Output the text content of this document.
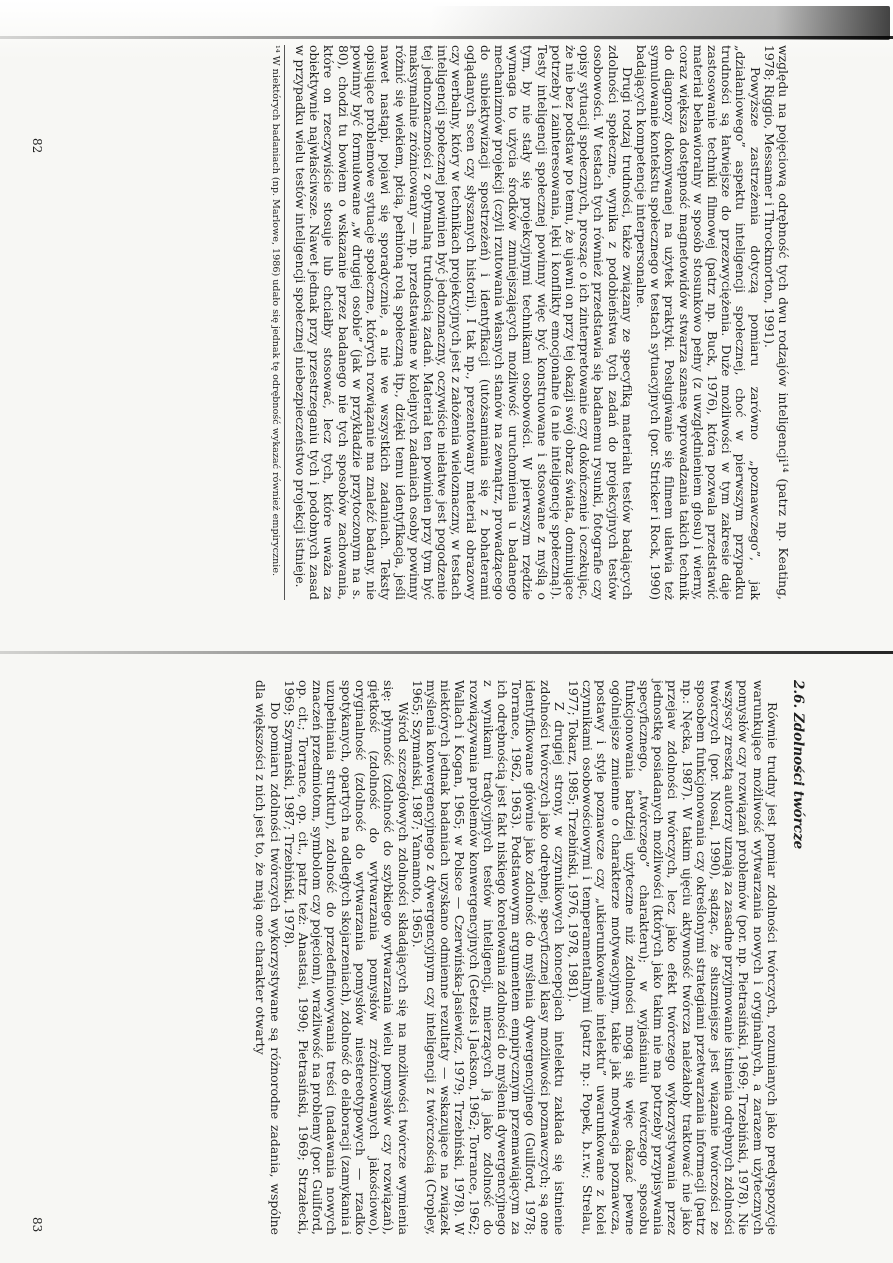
względu na pojęciową odrębność tych dwu rodzajów inteligencji¹⁴ (patrz np. Keating, 1978; Riggio, Messamer i Throckmorton, 1991).

Powyższe zastrzeżenia dotyczą pomiaru zarówno „poznawczego”, jak „działaniowego” aspektu inteligencji społecznej, choć w pierwszym przypadku trudności są łatwiejsze do przezwyciężenia. Duże możliwości w tym zakresie daje zastosowanie techniki filmowej (patrz np. Buck, 1976), która pozwala przedstawić materiał behawioralny w sposób stosunkowo pełny (z uwzględnieniem głosu) i wierny, coraz większa dostępność magnetowidów stwarza szansę wprowadzania takich technik do diagnozy dokonywanej na użytek praktyki. Posługiwanie się filmem ułatwia też symulowanie kontekstu społecznego w testach sytuacyjnych (por. Stricker i Rock, 1990) badających kompetencje interpersonalne.

Drugi rodzaj trudności, także związany ze specyfiką materiału testów badających zdolności społeczne, wynika z podobieństwa tych zadań do projekcyjnych testów osobowości. W testach tych również przedstawia się badanemu rysunki, fotografie czy opisy sytuacji społecznych, prosząc o ich zinterpretowanie czy dokończenie i oczekując, że nie bez podstaw po temu, że ujawni on przy tej okazji swój obraz świata, dominujące potrzeby i zainteresowania, lęki i konflikty emocjonalne (a nie inteligencję społeczną!). Testy inteligencji społecznej powinny więc być konstruowane i stosowane z myślą o tym, by nie stały się projekcyjnymi technikami osobowości. W pierwszym rzędzie wymaga to użycia środków zmniejszających możliwość uruchomienia u badanego mechanizmów projekcji (czyli rzutowania własnych stanów na zewnątrz, prowadzącego do subiektywizacji spostrzeżeń) i identyfikacji (utożsamiania się z bohaterami oglądanych scen czy słyszanych historii). I tak np., prezentowany materiał obrazowy czy werbalny, który w technikach projekcyjnych jest z założenia wieloznaczny, w testach inteligencji społecznej powinien być jednoznaczny, oczywiście niełatwe jest pogodzenie tej jednoznaczności z optymalną trudnością zadań. Materiał ten powinien przy tym być maksymalnie zróżnicowany — np. przedstawiane w kolejnych zadaniach osoby powinny różnić się wiekiem, płcią, pełnioną rolą społeczną itp., dzięki temu identyfikacja, jeśli nawet nastąpi, pojawi się sporadycznie, a nie we wszystkich zadaniach. Teksty opisujące problemowe sytuacje społeczne, których rozwiązanie ma znaleźć badany, nie powinny być formułowane „w drugiej osobie” (jak w przykładzie przytoczonym na s. 80), chodzi tu bowiem o wskazanie przez badanego nie tych sposobów zachowania, które on rzeczywiście stosuje lub chciałby stosować, lecz tych, które uważa za obiektywnie najwłaściwsze. Nawet jednak przy przestrzeganiu tych i podobnych zasad w przypadku wielu testów inteligencji społecznej niebezpieczeństwo projekcji istnieje.

¹⁴ W niektórych badaniach (np. Marlowe, 1986) udało się jednak tę odrębność wykazać również empirycznie.
82
2.6. Zdolności twórcze

Równie trudny jest pomiar zdolności twórczych, rozumianych jako predyspozycje warunkujące możliwość wytwarzania nowych i oryginalnych, a zarazem użytecznych pomysłów czy rozwiązań problemów (por. np. Pietrasiński, 1969; Trzebiński, 1978). Nie wszyscy zresztą autorzy uznają za zasadne przyjmowanie istnienia odrębnych zdolności twórczych (por. Nosal, 1990), sądząc, że słuszniejsze jest wiązanie twórczości ze sposobem funkcjonowania czy określonymi strategiami przetwarzania informacji (patrz np.: Nęcka, 1987). W takim ujęciu aktywność twórcza należałoby traktować nie jako przejaw zdolności twórczych, lecz jako efekt twórczego wykorzystywania przez jednostkę posiadanych możliwości (których jako takim nie ma potrzeby przypisywania specyficznego, „twórczego” charakteru); w wyjaśnianiu twórczego sposobu funkcjonowania bardziej użyteczne niż zdolności mogą się więc okazać pewne ogólniejsze zmienne o charakterze motywacyjnym, takie jak motywacja poznawcza, postawy i style poznawcze czy „ukierunkowanie intelektu” uwarunkowane z kolei czynnikami osobowościowymi i temperamentalnymi (patrz np.: Popek, b.r.w.; Strelau, 1977; Tokarz, 1985; Trzebiński, 1976, 1978, 1981).

Z drugiej strony, w czynnikowych koncepcjach intelektu zakłada się istnienie zdolności twórczych jako odrębnej, specyficznej klasy możliwości poznawczych; są one identyfikowane głównie jako zdolność do myślenia dywergencyjnego (Guilford, 1978; Torrance, 1962, 1963). Podstawowym argumentem empirycznym przemawiającym za ich odrębnością jest fakt niskiego korelowania zdolności do myślenia dywergencyjnego z wynikami tradycyjnych testów inteligencji, mierzących ją jako zdolność do rozwiązywania problemów konwergencyjnych (Getzels i Jackson, 1962; Torrance, 1962; Wallach i Kogan, 1965; w Polsce — Czerwińska-Jasiewicz, 1979; Trzebiński, 1978). W niektórych jednak badaniach uzyskano odmienne rezultaty — wskazujące na związek myślenia konwergencyjnego z dywergencyjnym czy inteligencji z twórczością (Cropley, 1965; Szymański, 1987; Yamamoto, 1965).

Wśród szczegółowych zdolności składających się na możliwości twórcze wymienia się: płynność (zdolność do szybkiego wytwarzania wielu pomysłów czy rozwiązań), giętkość (zdolność do wytwarzania pomysłów zróżnicowanych jakościowo), oryginalność (zdolność do wytwarzania pomysłów niestereotypowych — rzadko spotykanych, opartych na odległych skojarzeniach), zdolność do elaboracji (zamykania i uzupełniania struktur), zdolność do przedefiniowywania treści (nadawania nowych znaczeń przedmiotom, symbolom czy pojęciom), wrażliwość na problemy (por. Guilford, op. cit.; Torrance, op. cit., patrz też: Anastasi, 1990; Pietrasiński, 1969; Strzałecki, 1969; Szymański, 1987; Trzebiński, 1978).

Do pomiaru zdolności twórczych wykorzystywane są różnorodne zadania, wspólne dla większości z nich jest to, że mają one charakter otwarty

83
